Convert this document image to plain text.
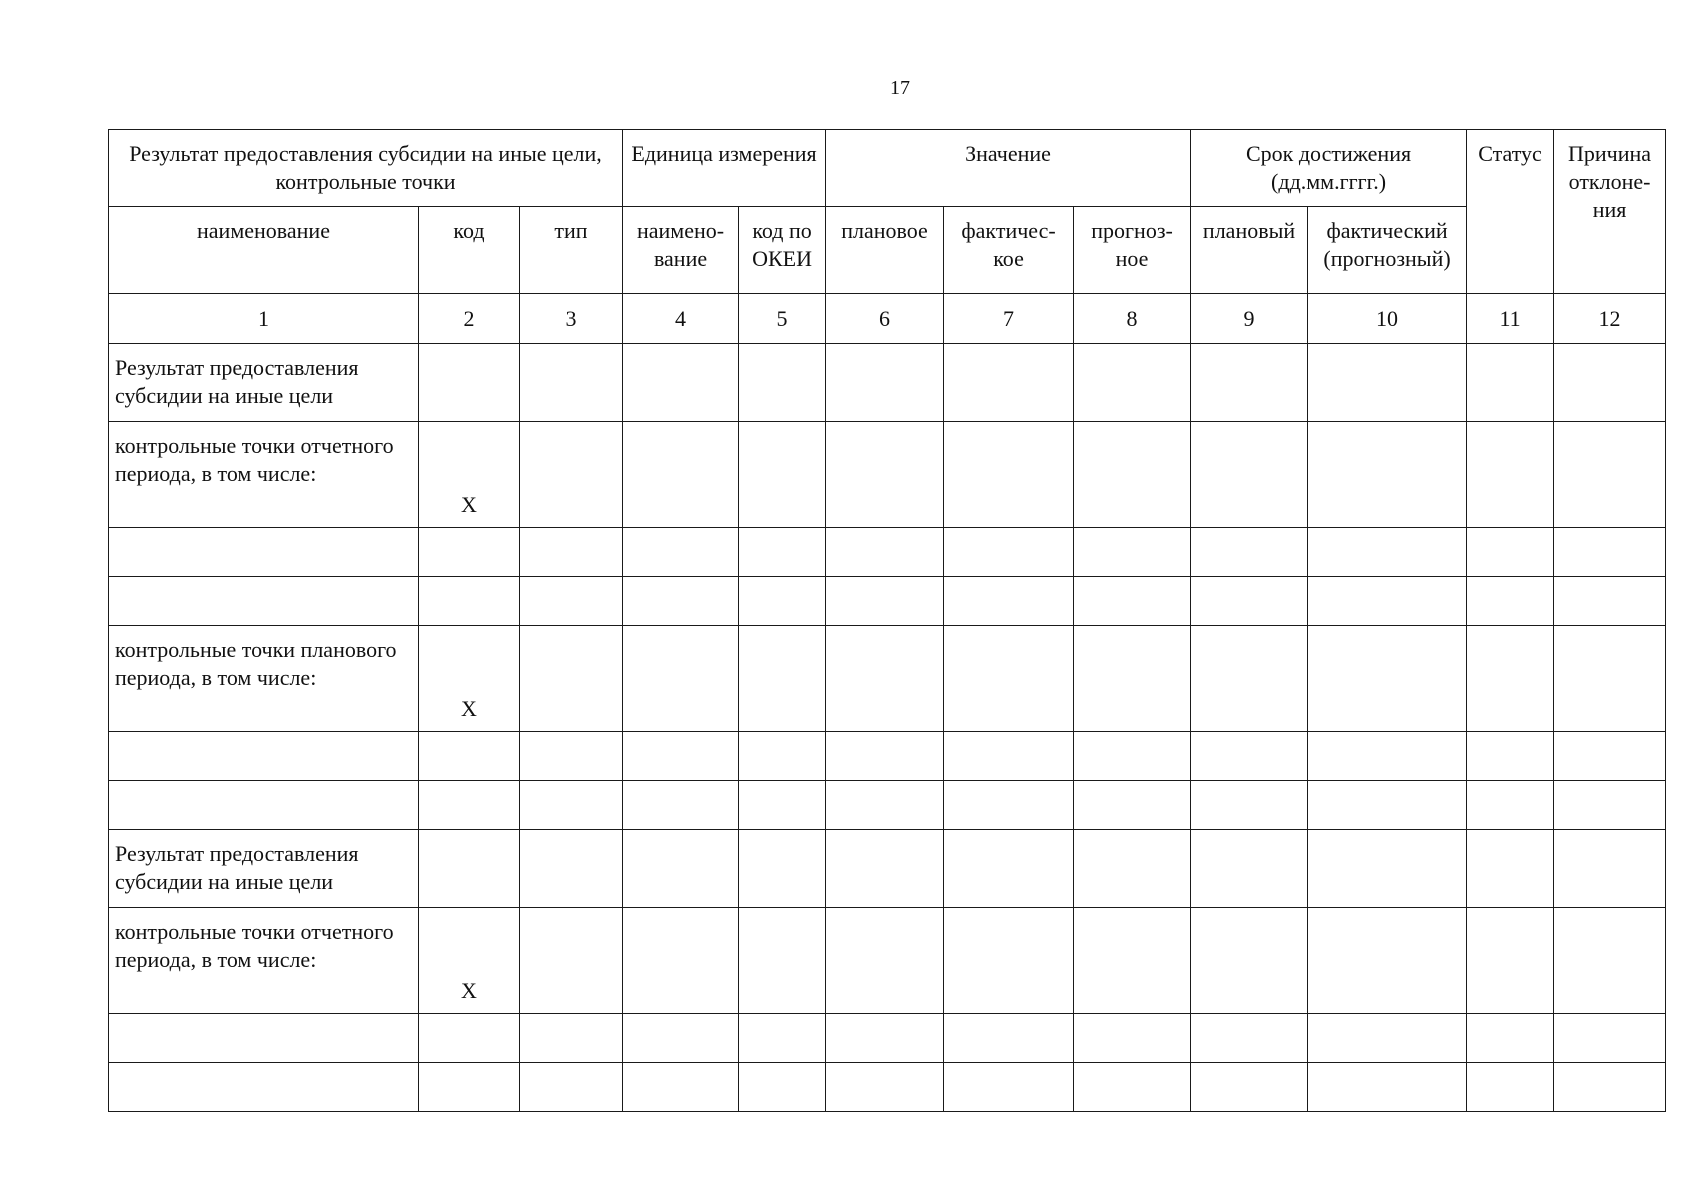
17
Результат предоставления субсидии на иные цели, контрольные точки			Единица измерения		Значение			Срок достижения (дд.мм.гггг.)		Статус	Причина отклоне-ния
наименование	код	тип	наимено-вание	код по ОКЕИ	плановое	фактичес-кое	прогноз-ное	плановый	фактический (прогнозный)		
1	2	3	4	5	6	7	8	9	10	11	12
Результат предоставления субсидии на иные цели											
контрольные точки отчетного периода, в том числе:	X										

контрольные точки планового периода, в том числе:	X										

Результат предоставления субсидии на иные цели											
контрольные точки отчетного периода, в том числе:	X										
